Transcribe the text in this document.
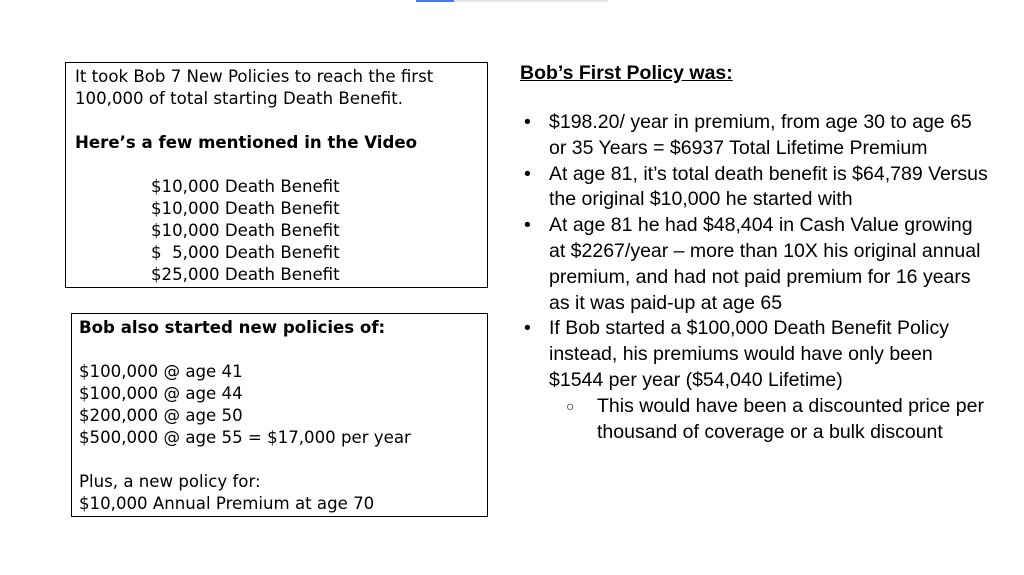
It took Bob 7 New Policies to reach the first

100,000 of total starting Death Benefit.

Here’s a few mentioned in the Video

$10,000 Death Benefit

$10,000 Death Benefit

$10,000 Death Benefit

$  5,000 Death Benefit

$25,000 Death Benefit

Bob also started new policies of:

$100,000 @ age 41

$100,000 @ age 44

$200,000 @ age 50

$500,000 @ age 55 = $17,000 per year

Plus, a new policy for:

$10,000 Annual Premium at age 70

Bob’s First Policy was:

• $198.20/ year in premium, from age 30 to age 65 or 35 Years = $6937 Total Lifetime Premium
• At age 81, it’s total death benefit is $64,789 Versus the original $10,000 he started with
• At age 81 he had $48,404 in Cash Value growing at $2267/year – more than 10X his original annual premium, and had not paid premium for 16 years as it was paid-up at age 65
• If Bob started a $100,000 Death Benefit Policy instead, his premiums would have only been $1544 per year ($54,040 Lifetime)
○ This would have been a discounted price per thousand of coverage or a bulk discount
